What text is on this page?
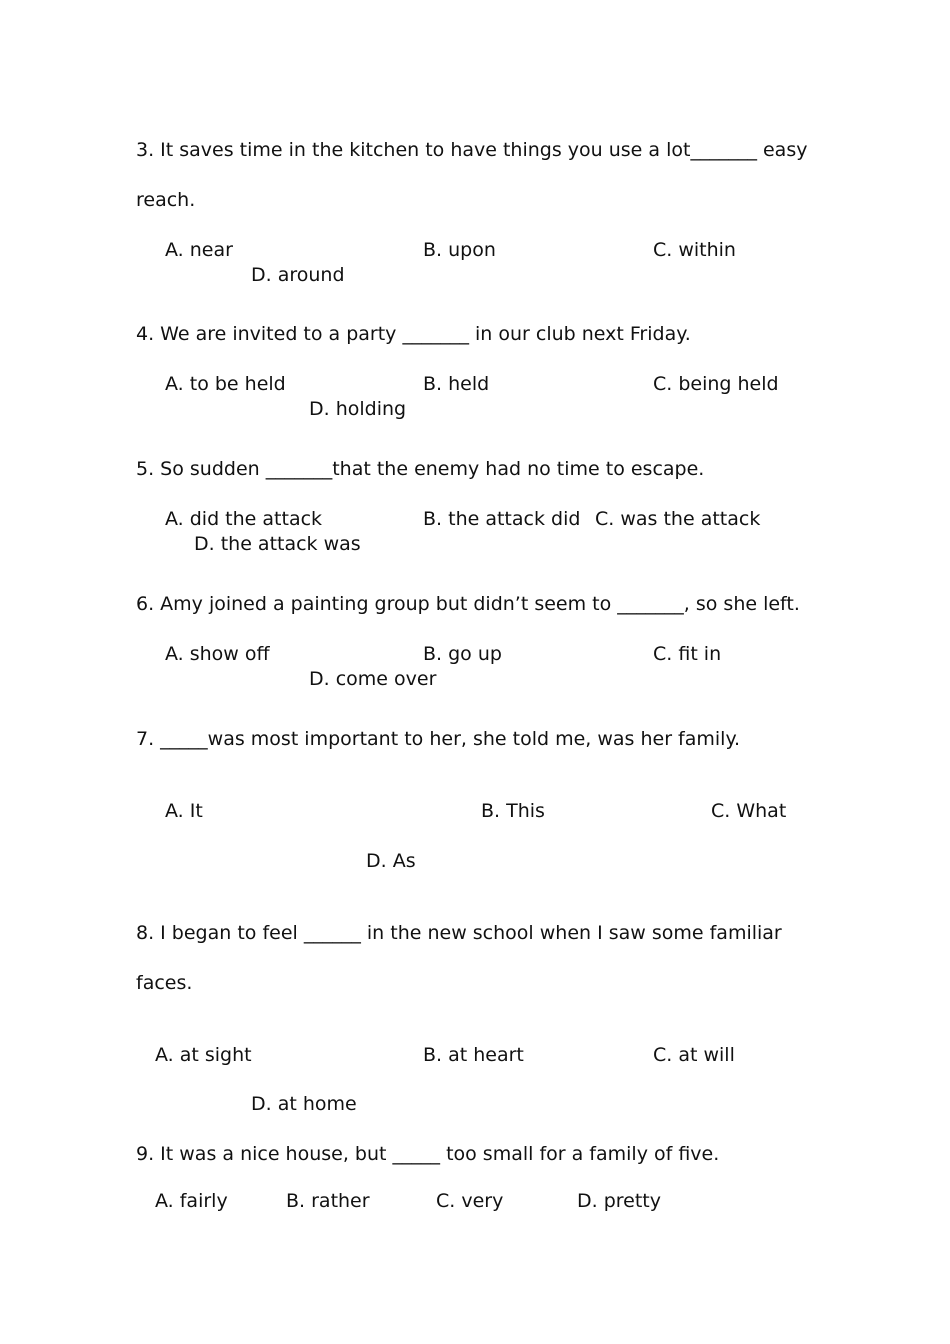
3. It saves time in the kitchen to have things you use a lot_______ easy
reach.
A. near	B. upon	C. within
D. around
4. We are invited to a party _______ in our club next Friday.
A. to be held	B. held	C. being held
D. holding
5. So sudden _______that the enemy had no time to escape.
A. did the attack	B. the attack did C. was the attack
D. the attack was
6. Amy joined a painting group but didn’t seem to _______, so she left.
A. show off	B. go up	C. fit in
D. come over
7. _____was most important to her, she told me, was her family.
A. It	B. This	C. What
D. As
8. I began to feel ______ in the new school when I saw some familiar
faces.
A. at sight	B. at heart	C. at will
D. at home
9. It was a nice house, but _____ too small for a family of five.
A. fairly	B. rather	C. very	D. pretty
